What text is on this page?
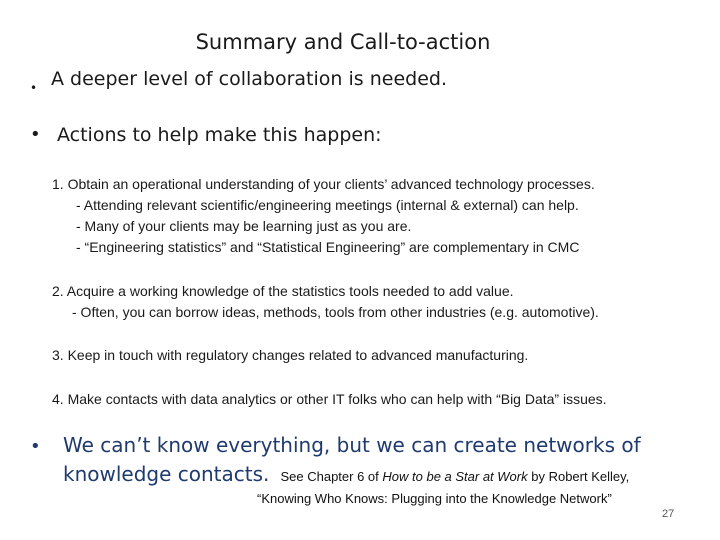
Summary and Call-to-action
• A deeper level of collaboration is needed.
• Actions to help make this happen:
1. Obtain an operational understanding of your clients’ advanced technology processes.
- Attending relevant scientific/engineering meetings (internal & external) can help.
- Many of your clients may be learning just as you are.
- “Engineering statistics” and “Statistical Engineering” are complementary in CMC
2. Acquire a working knowledge of the statistics tools needed to add value.
- Often, you can borrow ideas, methods, tools from other industries (e.g. automotive).
3. Keep in touch with regulatory changes related to advanced manufacturing.
4. Make contacts with data analytics or other IT folks who can help with “Big Data” issues.
• We can’t know everything, but we can create networks of
knowledge contacts. See Chapter 6 of How to be a Star at Work by Robert Kelley,
“Knowing Who Knows: Plugging into the Knowledge Network”
27
